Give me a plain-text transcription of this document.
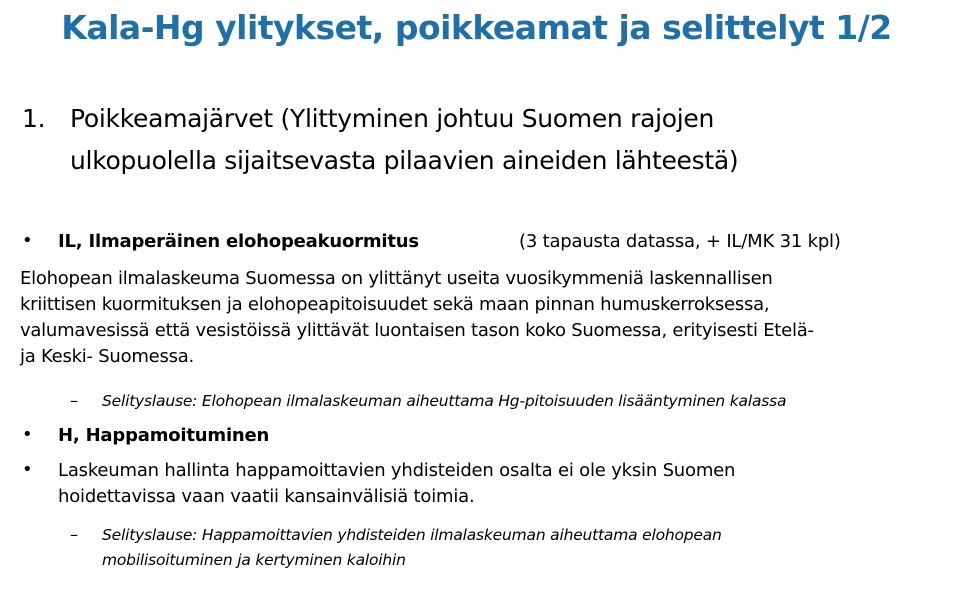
Kala-Hg ylitykset, poikkeamat ja selittelyt 1/2
1. Poikkeamajärvet (Ylittyminen johtuu Suomen rajojen
ulkopuolella sijaitsevasta pilaavien aineiden lähteestä)
• IL, Ilmaperäinen elohopeakuormitus	(3 tapausta datassa, + IL/MK 31 kpl)
Elohopean ilmalaskeuma Suomessa on ylittänyt useita vuosikymmeniä laskennallisen
kriittisen kuormituksen ja elohopeapitoisuudet sekä maan pinnan humuskerroksessa,
valumavesissä että vesistöissä ylittävät luontaisen tason koko Suomessa, erityisesti Etelä-
ja Keski- Suomessa.
– Selityslause: Elohopean ilmalaskeuman aiheuttama Hg-pitoisuuden lisääntyminen kalassa
• H, Happamoituminen
• Laskeuman hallinta happamoittavien yhdisteiden osalta ei ole yksin Suomen
hoidettavissa vaan vaatii kansainvälisiä toimia.
– Selityslause: Happamoittavien yhdisteiden ilmalaskeuman aiheuttama elohopean
mobilisoituminen ja kertyminen kaloihin
